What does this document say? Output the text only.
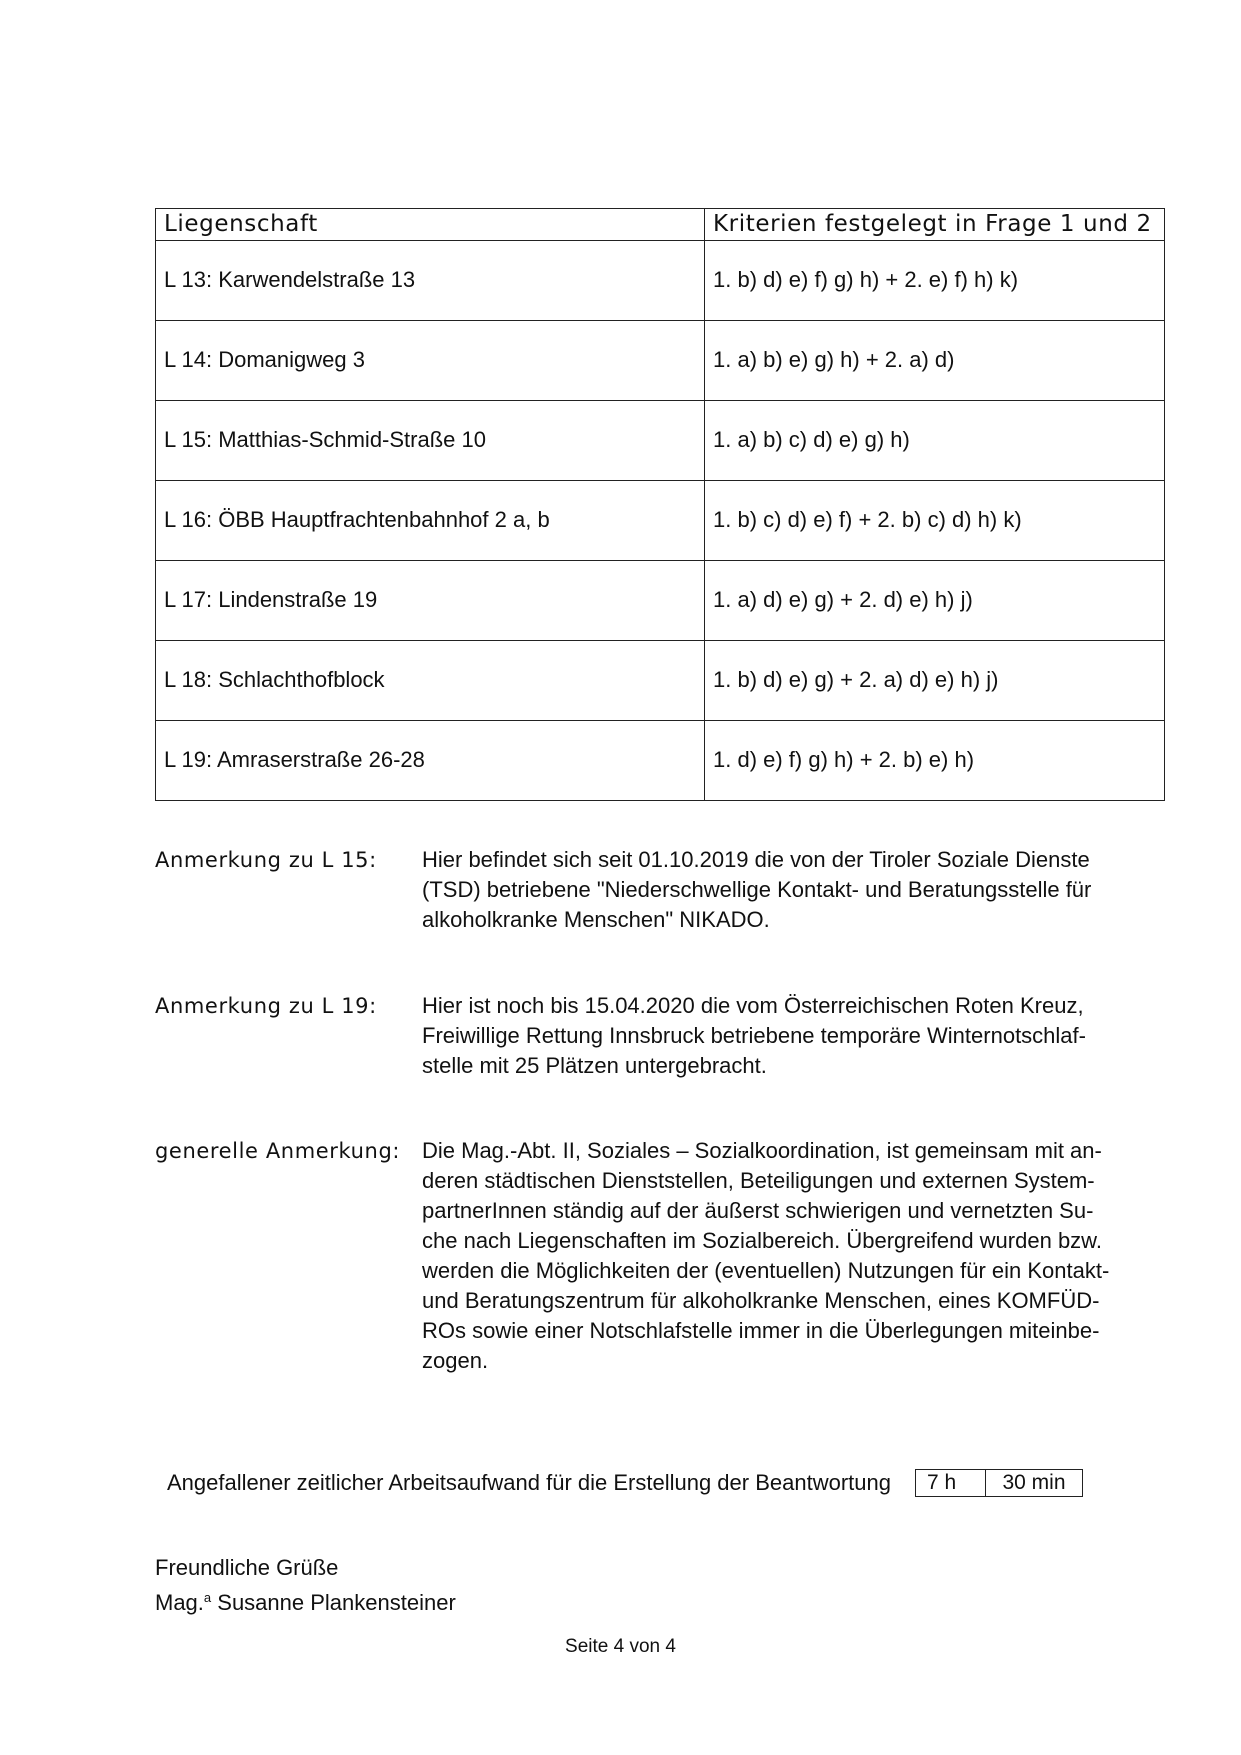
Liegenschaft	Kriterien festgelegt in Frage 1 und 2
L 13: Karwendelstraße 13	1. b) d) e) f) g) h) + 2. e) f) h) k)
L 14: Domanigweg 3	1. a) b) e) g) h) + 2. a) d)
L 15: Matthias-Schmid-Straße 10	1. a) b) c) d) e) g) h)
L 16: ÖBB Hauptfrachtenbahnhof 2 a, b	1. b) c) d) e) f) + 2. b) c) d) h) k)
L 17: Lindenstraße 19	1. a) d) e) g) + 2. d) e) h) j)
L 18: Schlachthofblock	1. b) d) e) g) + 2. a) d) e) h) j)
L 19: Amraserstraße 26-28	1. d) e) f) g) h) + 2. b) e) h)
Anmerkung zu L 15: Hier befindet sich seit 01.10.2019 die von der Tiroler Soziale Dienste
(TSD) betriebene "Niederschwellige Kontakt- und Beratungsstelle für
alkoholkranke Menschen" NIKADO.
Anmerkung zu L 19: Hier ist noch bis 15.04.2020 die vom Österreichischen Roten Kreuz,
Freiwillige Rettung Innsbruck betriebene temporäre Winternotschlaf-
stelle mit 25 Plätzen untergebracht.
generelle Anmerkung: Die Mag.-Abt. II, Soziales – Sozialkoordination, ist gemeinsam mit an-
deren städtischen Dienststellen, Beteiligungen und externen System-
partnerInnen ständig auf der äußerst schwierigen und vernetzten Su-
che nach Liegenschaften im Sozialbereich. Übergreifend wurden bzw.
werden die Möglichkeiten der (eventuellen) Nutzungen für ein Kontakt-
und Beratungszentrum für alkoholkranke Menschen, eines KOMFÜD-
ROs sowie einer Notschlafstelle immer in die Überlegungen miteinbe-
zogen.
Angefallener zeitlicher Arbeitsaufwand für die Erstellung der Beantwortung	7 h	30 min
Freundliche Grüße
Mag.$^a$ Susanne Plankensteiner
Seite 4 von 4
